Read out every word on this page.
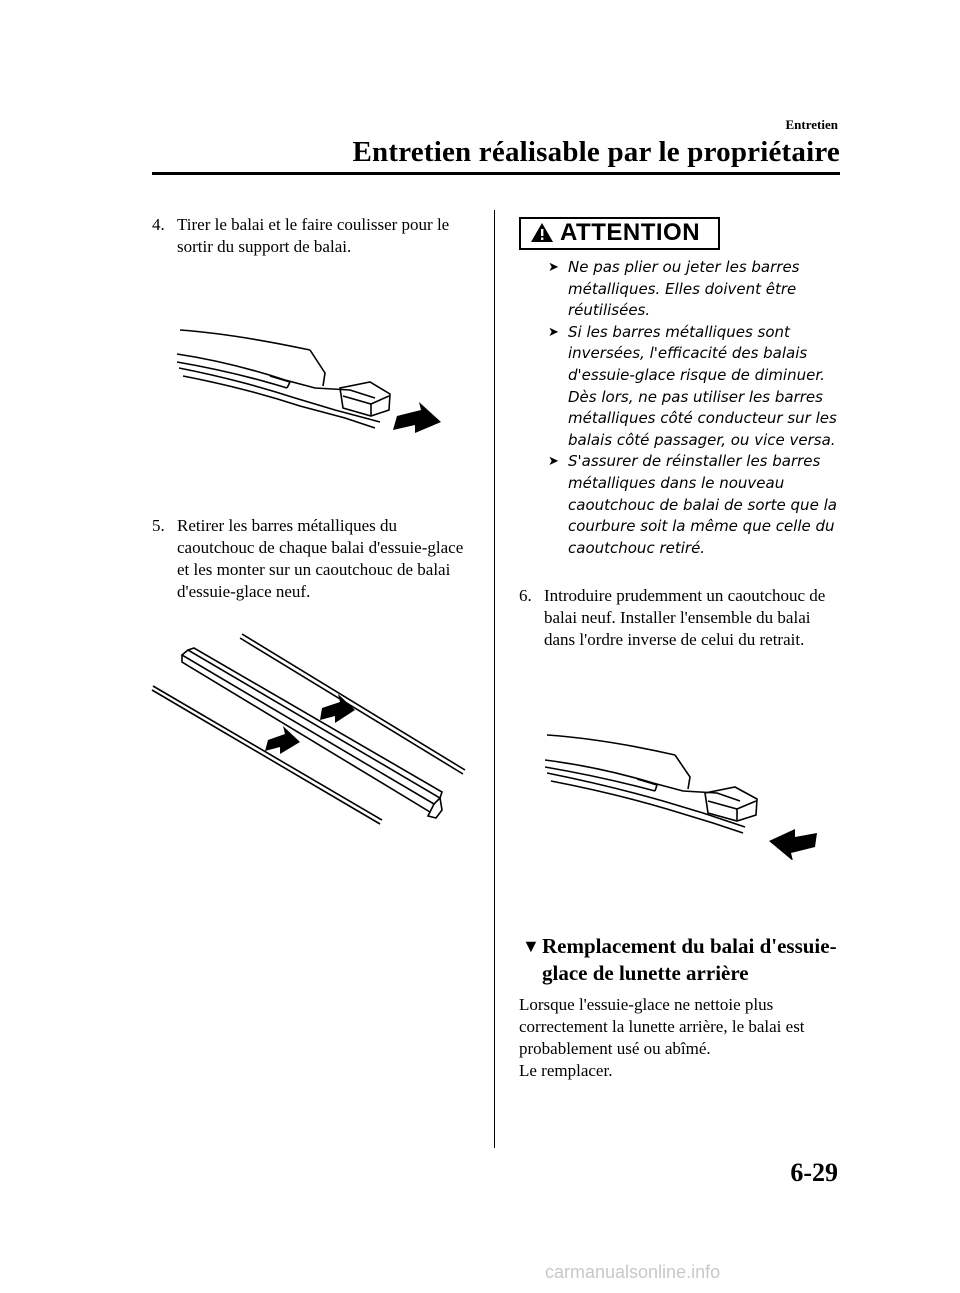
Entretien
Entretien réalisable par le propriétaire
4. Tirer le balai et le faire coulisser pour le sortir du support de balai.
5. Retirer les barres métalliques du caoutchouc de chaque balai d'essuie-glace et les monter sur un caoutchouc de balai d'essuie-glace neuf.
ATTENTION
➤ Ne pas plier ou jeter les barres métalliques. Elles doivent être réutilisées.
➤ Si les barres métalliques sont inversées, l'efficacité des balais d'essuie-glace risque de diminuer. Dès lors, ne pas utiliser les barres métalliques côté conducteur sur les balais côté passager, ou vice versa.
➤ S'assurer de réinstaller les barres métalliques dans le nouveau caoutchouc de balai de sorte que la courbure soit la même que celle du caoutchouc retiré.
6. Introduire prudemment un caoutchouc de balai neuf. Installer l'ensemble du balai dans l'ordre inverse de celui du retrait.
▼ Remplacement du balai d'essuie-glace de lunette arrière
Lorsque l'essuie-glace ne nettoie plus
correctement la lunette arrière, le balai est
probablement usé ou abîmé.
Le remplacer.
6-29
carmanualsonline.info
